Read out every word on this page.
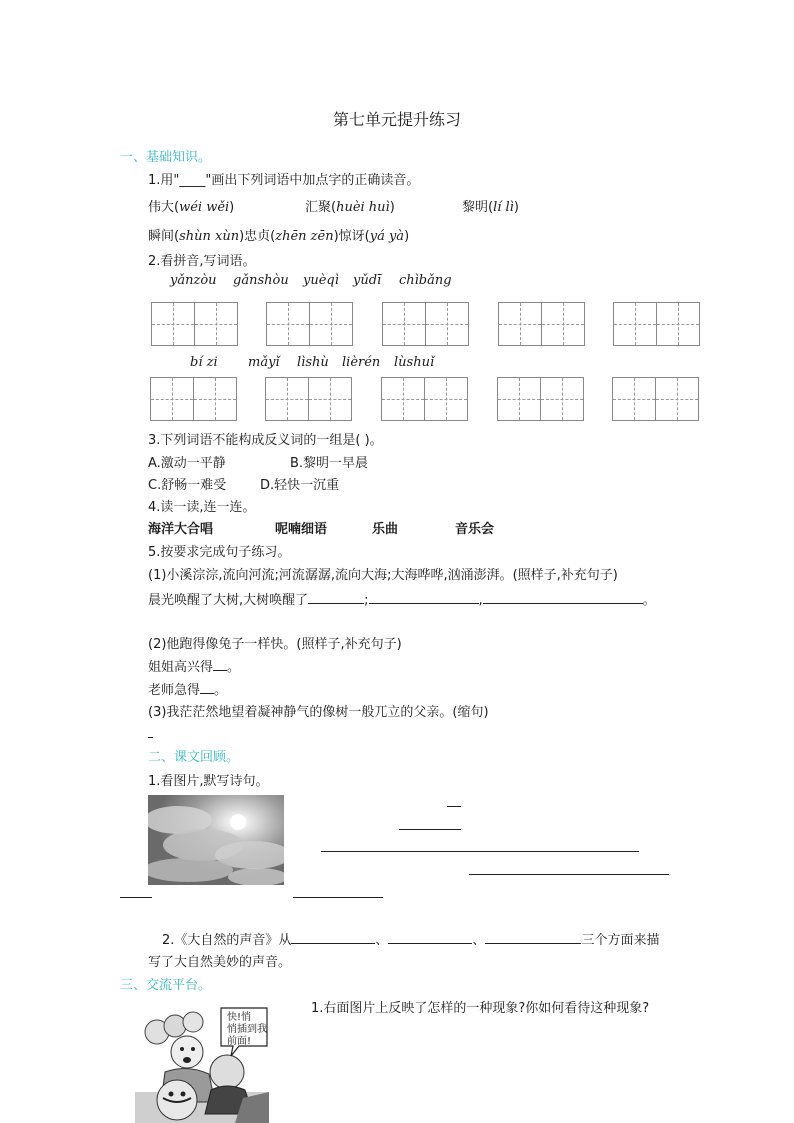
第七单元提升练习
一、基础知识。
1.用"____"画出下列词语中加点字的正确读音。
伟大(wéi wěi)	汇聚(huèi huì)	黎明(lí lì)
瞬间(shùn xùn)忠贞(zhēn zēn)惊讶(yá yà)
2.看拼音,写词语。
yǎnzòu gǎnshòu yuèqì yǔdī chìbǎng
bí zi mǎyǐ lìshù lièrén lùshuǐ
3.下列词语不能构成反义词的一组是( )。
A.激动一平静	B.黎明一早晨
C.舒畅一难受	D.轻快一沉重
4.读一读,连一连。
海洋大合唱	呢喃细语	乐曲	音乐会
5.按要求完成句子练习。
(1)小溪淙淙,流向河流;河流潺潺,流向大海;大海哗哗,汹涌澎湃。(照样子,补充句子)
晨光唤醒了大树,大树唤醒了	;	,	。
(2)他跑得像兔子一样快。(照样子,补充句子)
姐姐高兴得 。
老师急得 。
(3)我茫茫然地望着凝神静气的像树一般兀立的父亲。(缩句)
二、课文回顾。
1.看图片,默写诗句。
2.《大自然的声音》从	、	、	三个方面来描
写了大自然美妙的声音。
三、交流平台。
1.右面图片上反映了怎样的一种现象?你如何看待这种现象?
快!悄
悄插到我
前面!
